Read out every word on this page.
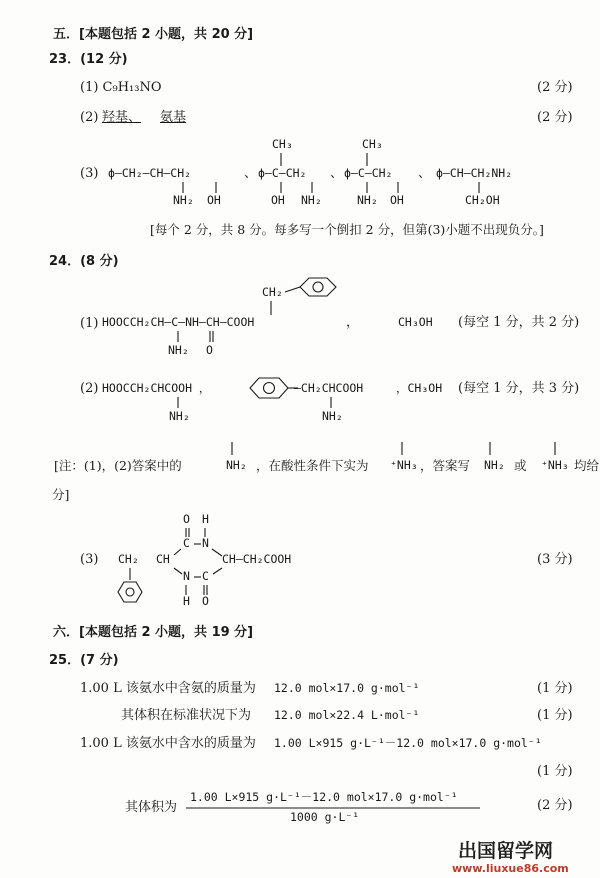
五．[本题包括 2 小题，共 20 分]
23．(12 分)
(1) C₉H₁₃NO	(2 分)
(2) 羟基、 氨基	(2 分)
(3) ϕ—CH₂—CH—CH₂
NH₂ OH
、
CH₃
ϕ—C—CH₂
OH NH₂
、
CH₃
ϕ—C—CH₂
NH₂ OH
、 ϕ—CH—CH₂NH₂
CH₂OH
[每个 2 分，共 8 分。每多写一个倒扣 2 分，但第(3)小题不出现负分。]
24．(8 分)
(1)
CH₂
HOOCCH₂CH—C—NH—CH—COOH
NH₂ O
，	CH₃OH (每空 1 分，共 2 分)
(2) HOOCCH₂CHCOOH ，
NH₂
—CH₂CHCOOH
NH₂
，CH₃OH (每空 1 分，共 3 分)
[注：(1)，(2)答案中的	NH₂ ，在酸性条件下实为 ⁺NH₃ ，答案写 NH₂ 或 ⁺NH₃ 均给
分]
(3)
O H
C N
CH	CH—CH₂COOH
CH₂
N C
H O
(3 分)
六．[本题包括 2 小题，共 19 分]
25．(7 分)
1.00 L 该氨水中含氨的质量为 12.0 mol×17.0 g·mol⁻¹	(1 分)
其体积在标准状况下为 12.0 mol×22.4 L·mol⁻¹	(1 分)
1.00 L 该氨水中含水的质量为 1.00 L×915 g·L⁻¹－12.0 mol×17.0 g·mol⁻¹
(1 分)
其体积为
1.00 L×915 g·L⁻¹－12.0 mol×17.0 g·mol⁻¹
1000 g·L⁻¹
(2 分)
出国留学网
www.liuxue86.com
